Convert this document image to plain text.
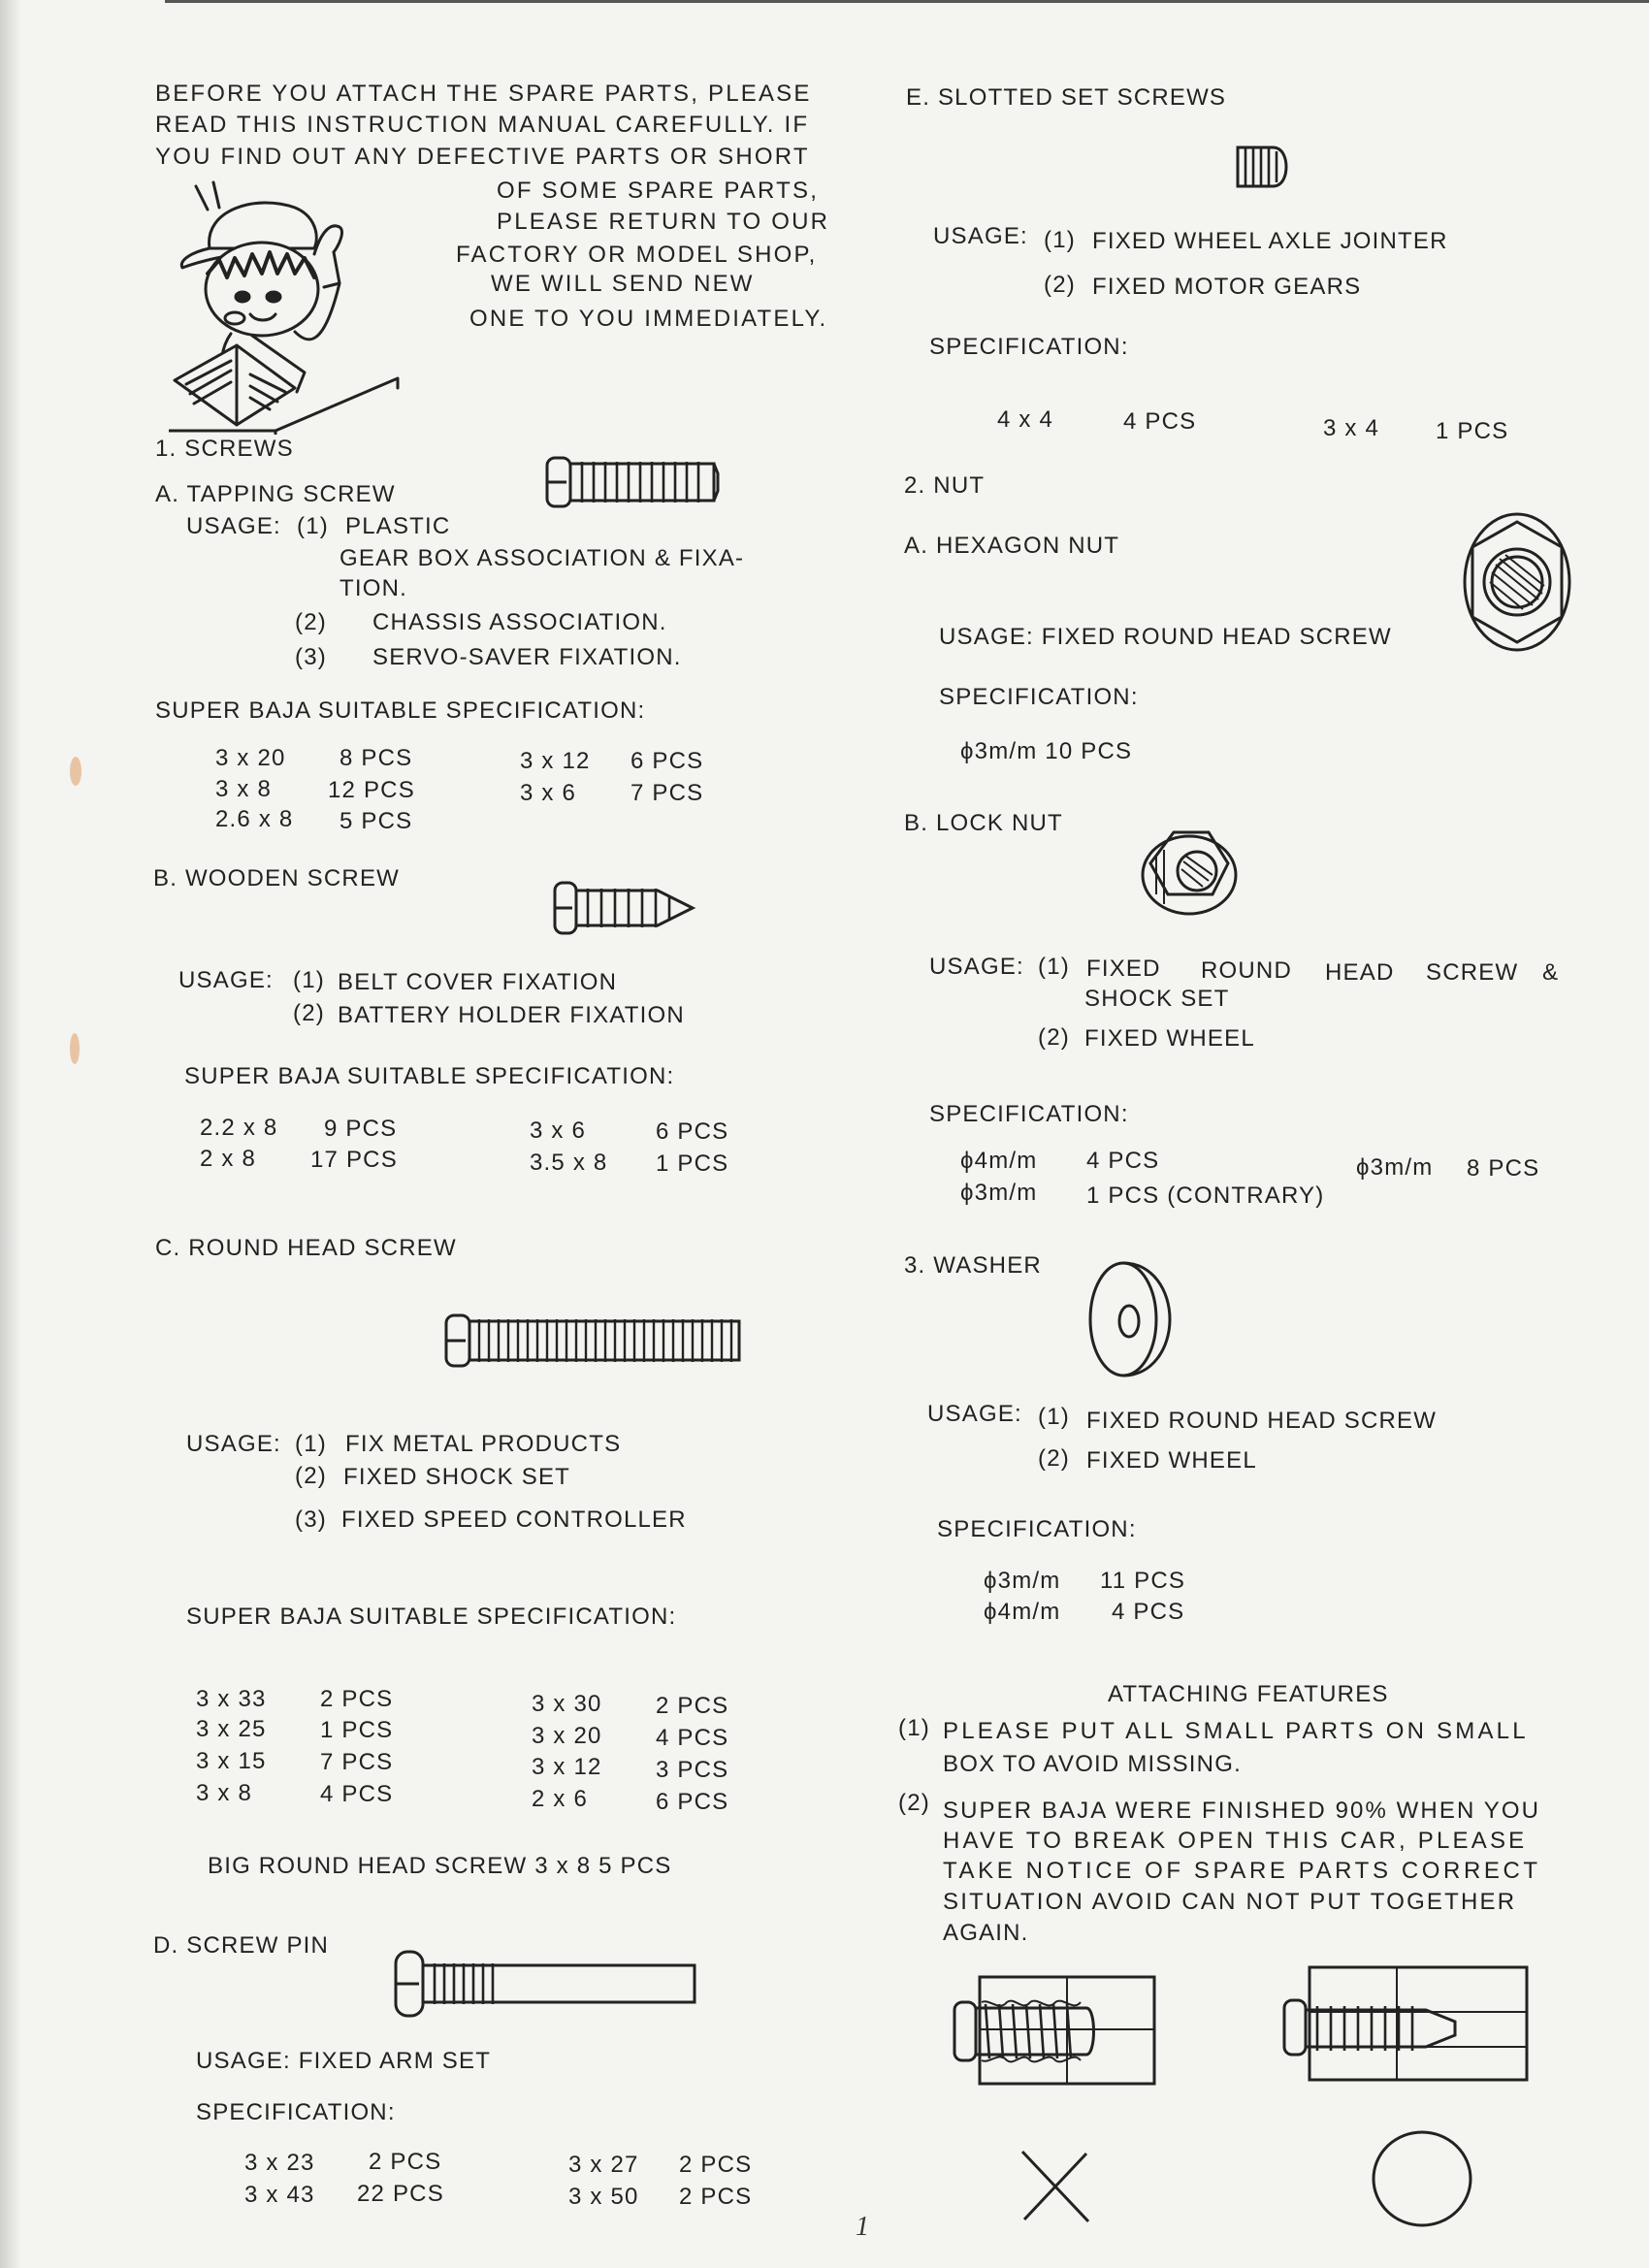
BEFORE YOU ATTACH THE SPARE PARTS, PLEASE
READ THIS INSTRUCTION MANUAL CAREFULLY. IF
YOU FIND OUT ANY DEFECTIVE PARTS OR SHORT
OF SOME SPARE PARTS,
PLEASE RETURN TO OUR
FACTORY OR MODEL SHOP,
WE WILL SEND NEW
ONE TO YOU IMMEDIATELY.
1. SCREWS
A. TAPPING SCREW
USAGE: (1) PLASTIC
GEAR BOX ASSOCIATION & FIXA-
TION.
(2) CHASSIS ASSOCIATION.
(3) SERVO-SAVER FIXATION.
SUPER BAJA SUITABLE SPECIFICATION:
3 x 20 8 PCS
3 x 8 12 PCS
2.6 x 8 5 PCS
3 x 12 6 PCS
3 x 6 7 PCS
B. WOODEN SCREW
USAGE: (1) BELT COVER FIXATION
(2) BATTERY HOLDER FIXATION
SUPER BAJA SUITABLE SPECIFICATION:
2.2 x 8 9 PCS
2 x 8 17 PCS
3 x 6	6 PCS
3.5 x 8 1 PCS
C. ROUND HEAD SCREW
USAGE: (1) FIX METAL PRODUCTS
(2) FIXED SHOCK SET
(3) FIXED SPEED CONTROLLER
SUPER BAJA SUITABLE SPECIFICATION:
3 x 33 2 PCS
3 x 25 1 PCS
3 x 15 7 PCS
3 x 8	4 PCS
3 x 30 2 PCS
3 x 20 4 PCS
3 x 12 3 PCS
2 x 6	6 PCS
BIG ROUND HEAD SCREW 3 x 8 5 PCS
D. SCREW PIN
USAGE: FIXED ARM SET
SPECIFICATION:
3 x 23 2 PCS
3 x 43 22 PCS
3 x 27 2 PCS
3 x 50 2 PCS
E. SLOTTED SET SCREWS
USAGE: (1) FIXED WHEEL AXLE JOINTER
(2) FIXED MOTOR GEARS
SPECIFICATION:
4 x 4	4 PCS	3 x 4 1 PCS
2. NUT
A. HEXAGON NUT
USAGE: FIXED ROUND HEAD SCREW
SPECIFICATION:
ϕ3m/m 10 PCS
B. LOCK NUT
USAGE: (1) FIXED ROUND HEAD SCREW &
SHOCK SET
(2) FIXED WHEEL
SPECIFICATION:
ϕ4m/m 4 PCS
ϕ3m/m 1 PCS (CONTRARY)
ϕ3m/m 8 PCS
3. WASHER
USAGE: (1) FIXED ROUND HEAD SCREW
(2) FIXED WHEEL
SPECIFICATION:
ϕ3m/m 11 PCS
ϕ4m/m 4 PCS
ATTACHING FEATURES
(1) PLEASE PUT ALL SMALL PARTS ON SMALL
BOX TO AVOID MISSING.
(2) SUPER BAJA WERE FINISHED 90% WHEN YOU
HAVE TO BREAK OPEN THIS CAR, PLEASE
TAKE NOTICE OF SPARE PARTS CORRECT
SITUATION AVOID CAN NOT PUT TOGETHER
AGAIN.
1
